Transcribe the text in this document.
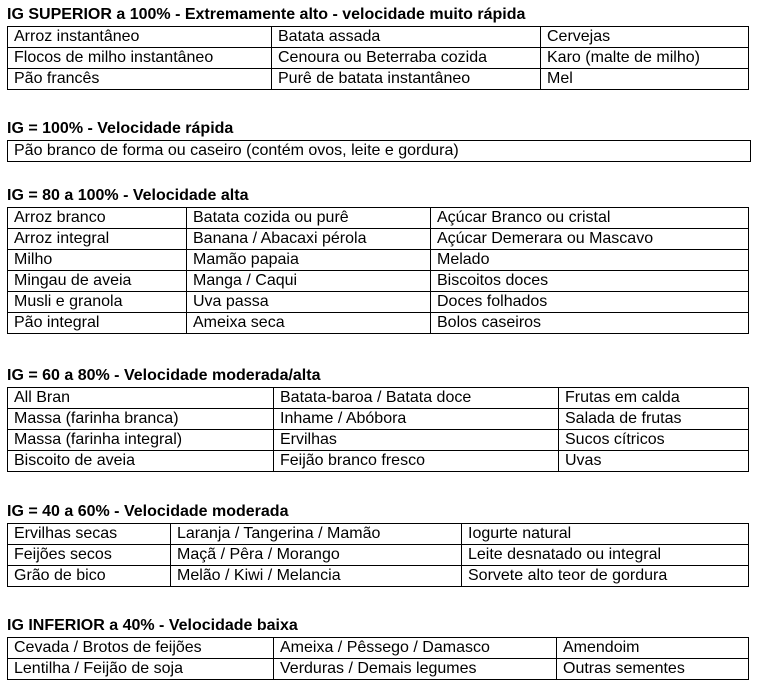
IG SUPERIOR a 100% - Extremamente alto - velocidade muito rápida
Arroz instantâneo	Batata assada	Cervejas
Flocos de milho instantâneo	Cenoura ou Beterraba cozida	Karo (malte de milho)
Pão francês	Purê de batata instantâneo	Mel
IG = 100% - Velocidade rápida
Pão branco de forma ou caseiro (contém ovos, leite e gordura)
IG = 80 a 100% - Velocidade alta
Arroz branco	Batata cozida ou purê	Açúcar Branco ou cristal
Arroz integral	Banana / Abacaxi pérola	Açúcar Demerara ou Mascavo
Milho	Mamão papaia	Melado
Mingau de aveia	Manga / Caqui	Biscoitos doces
Musli e granola	Uva passa	Doces folhados
Pão integral	Ameixa seca	Bolos caseiros
IG = 60 a 80% - Velocidade moderada/alta
All Bran	Batata-baroa / Batata doce	Frutas em calda
Massa (farinha branca)	Inhame / Abóbora	Salada de frutas
Massa (farinha integral)	Ervilhas	Sucos cítricos
Biscoito de aveia	Feijão branco fresco	Uvas
IG = 40 a 60% - Velocidade moderada
Ervilhas secas	Laranja / Tangerina / Mamão	Iogurte natural
Feijões secos	Maçã / Pêra / Morango	Leite desnatado ou integral
Grão de bico	Melão / Kiwi / Melancia	Sorvete alto teor de gordura
IG INFERIOR a 40% - Velocidade baixa
Cevada / Brotos de feijões	Ameixa / Pêssego / Damasco	Amendoim
Lentilha / Feijão de soja	Verduras / Demais legumes	Outras sementes
